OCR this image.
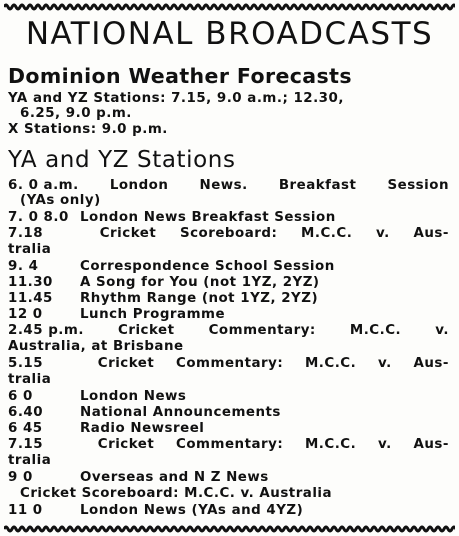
NATIONAL BROADCASTS
Dominion Weather Forecasts
YA and YZ Stations: 7.15, 9.0 a.m.; 12.30,
6.25, 9.0 p.m.
X Stations: 9.0 p.m.
YA and YZ Stations
6. 0 a.m. London News. Breakfast Session
(YAs only)
7. 0 8.0 London News Breakfast Session
7.18	Cricket Scoreboard: M.C.C. v. Aus-
tralia
9. 4	Correspondence School Session
11.30 A Song for You (not 1YZ, 2YZ)
11.45 Rhythm Range (not 1YZ, 2YZ)
12 0	Lunch Programme
2.45 p.m.	Cricket	Commentary:	M.C.C.	v.
Australia, at Brisbane
5.15	Cricket Commentary: M.C.C. v. Aus-
tralia
6 0	London News
6.40	National Announcements
6 45	Radio Newsreel
7.15	Cricket Commentary: M.C.C. v. Aus-
tralia
9 0	Overseas and N Z News
Cricket Scoreboard: M.C.C. v. Australia
11 0	London News (YAs and 4YZ)
